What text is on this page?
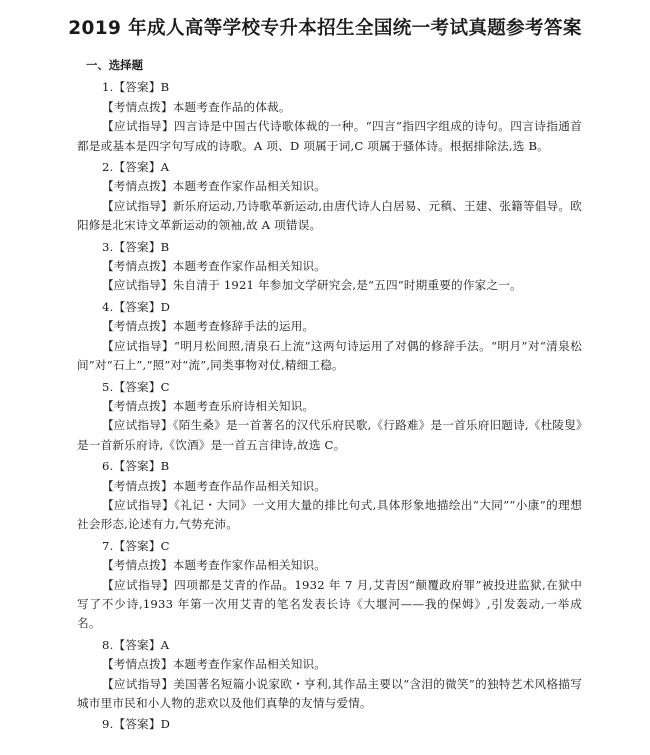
2019 年成人高等学校专升本招生全国统一考试真题参考答案
一、选择题

1.【答案】B

【考情点拨】本题考查作品的体裁。

【应试指导】四言诗是中国古代诗歌体裁的一种。“四言”指四字组成的诗句。四言诗指通首都是或基本是四字句写成的诗歌。A 项、D 项属于词,C 项属于骚体诗。根据排除法,选 B。

2.【答案】A

【考情点拨】本题考查作家作品相关知识。

【应试指导】新乐府运动,乃诗歌革新运动,由唐代诗人白居易、元稹、王建、张籍等倡导。欧阳修是北宋诗文革新运动的领袖,故 A 项错误。

3.【答案】B

【考情点拨】本题考查作家作品相关知识。

【应试指导】朱自清于 1921 年参加文学研究会,是“五四”时期重要的作家之一。

4.【答案】D

【考情点拨】本题考查修辞手法的运用。

【应试指导】“明月松间照,清泉石上流”这两句诗运用了对偶的修辞手法。“明月”对“清泉松间”对“石上”,“照”对“流”,同类事物对仗,精细工稳。

5.【答案】C

【考情点拨】本题考查乐府诗相关知识。

【应试指导】《陌生桑》是一首著名的汉代乐府民歌,《行路难》是一首乐府旧题诗,《杜陵叟》是一首新乐府诗,《饮酒》是一首五言律诗,故选 C。

6.【答案】B

【考情点拨】本题考查作品作品相关知识。

【应试指导】《礼记・大同》一文用大量的排比句式,具体形象地描绘出“大同”“小康”的理想社会形态,论述有力,气势充沛。

7.【答案】C

【考情点拨】本题考查作家作品相关知识。

【应试指导】四项都是艾青的作品。1932 年 7 月,艾青因“颠覆政府罪”被投进监狱,在狱中写了不少诗,1933 年第一次用艾青的笔名发表长诗《大堰河——我的保姆》,引发轰动,一举成名。

8.【答案】A

【考情点拨】本题考查作家作品相关知识。

【应试指导】美国著名短篇小说家欧・亨利,其作品主要以“含泪的微笑”的独特艺术风格描写城市里市民和小人物的悲欢以及他们真挚的友情与爱情。

9.【答案】D
